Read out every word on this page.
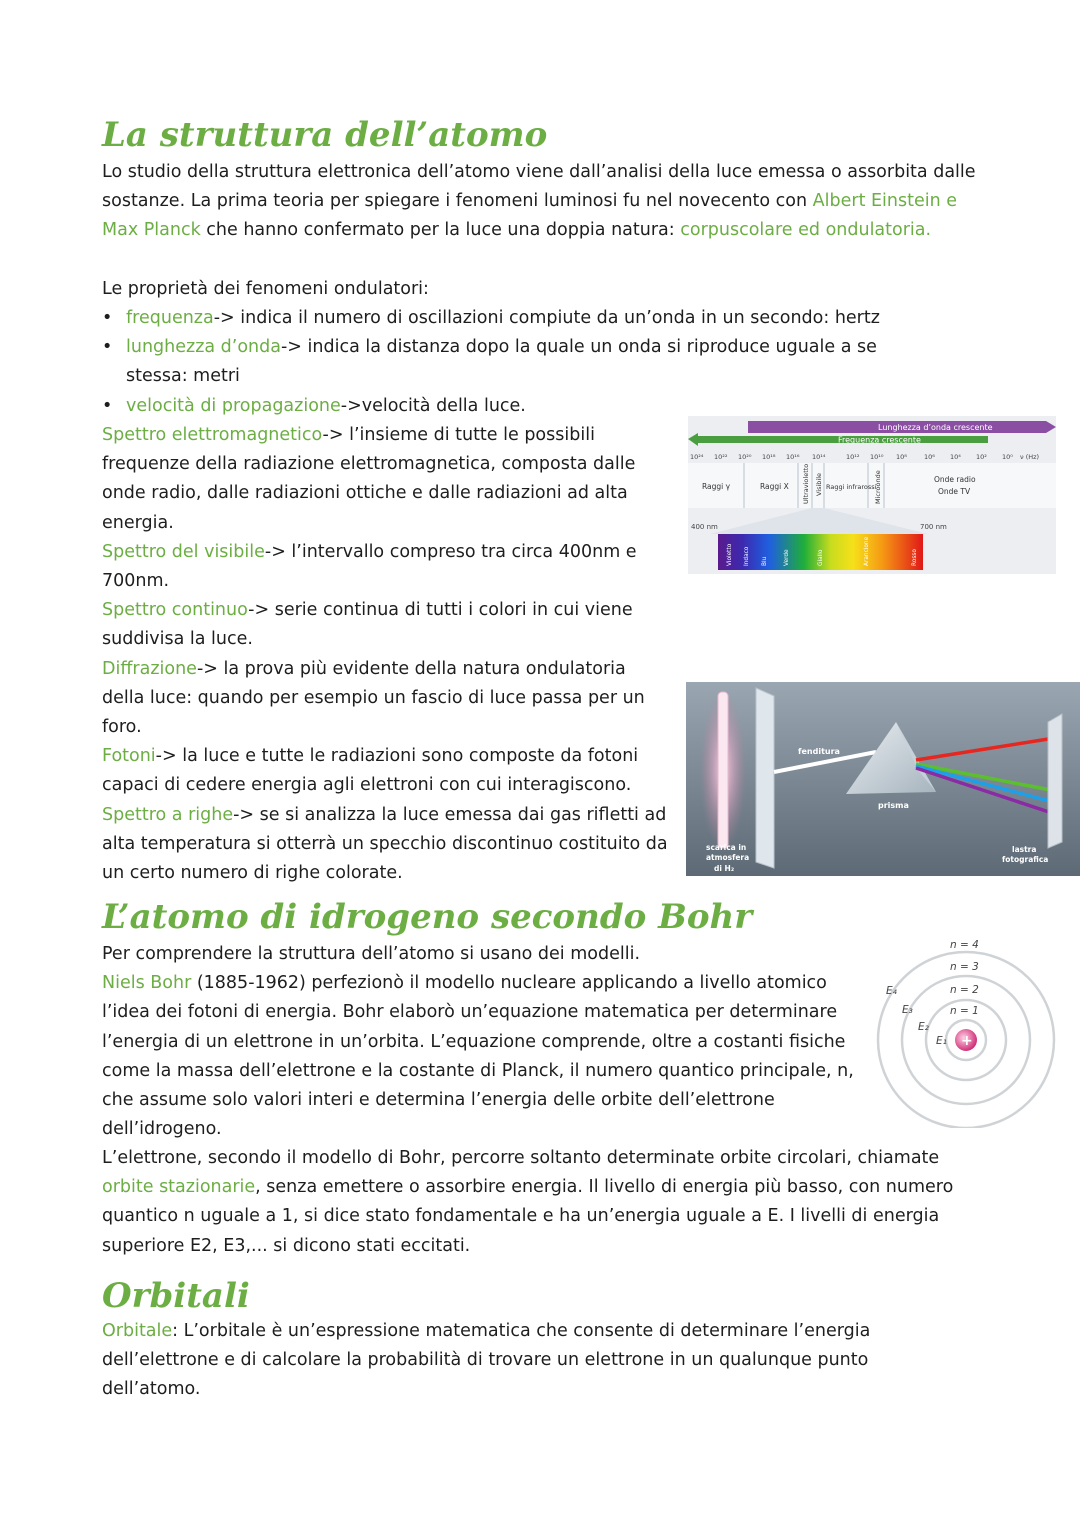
La struttura dell’atomo
Lo studio della struttura elettronica dell’atomo viene dall’analisi della luce emessa o assorbita dalle sostanze. La prima teoria per spiegare i fenomeni luminosi fu nel novecento con Albert Einstein e Max Planck che hanno confermato per la luce una doppia natura: corpuscolare ed ondulatoria.
Le proprietà dei fenomeni ondulatori:
• frequenza-> indica il numero di oscillazioni compiute da un’onda in un secondo: hertz
• lunghezza d’onda-> indica la distanza dopo la quale un onda si riproduce uguale a se stessa: metri
• velocità di propagazione->velocità della luce.
Spettro elettromagnetico-> l’insieme di tutte le possibili frequenze della radiazione elettromagnetica, composta dalle onde radio, dalle radiazioni ottiche e dalle radiazioni ad alta energia.
Spettro del visibile-> l’intervallo compreso tra circa 400nm e 700nm.
Spettro continuo-> serie continua di tutti i colori in cui viene suddivisa la luce.
Diffrazione-> la prova più evidente della natura ondulatoria della luce: quando per esempio un fascio di luce passa per un foro.
Fotoni-> la luce e tutte le radiazioni sono composte da fotoni capaci di cedere energia agli elettroni con cui interagiscono.
Spettro a righe-> se si analizza la luce emessa dai gas rifletti ad alta temperatura si otterrà un specchio discontinuo costituito da un certo numero di righe colorate.
Lunghezza d’onda crescente
Frequenza crescente
10²⁴ 10²² 10²⁰ 10¹⁸ 10¹⁶ 10¹⁴	10¹² 10¹⁰ 10⁸	10⁶ 10⁴ 10² 10⁰ ν (Hz)
Raggi γ	Raggi X Ultravioletto Visibile Raggi infrarossi
Microonde	Onde radio
Onde TV
400 nm	700 nm
Violetto Indaco Blu	Verde	Giallo	Arancione	Rosso
fenditura
prisma
scarica in
atmosfera
di H₂
lastra
fotografica
L’atomo di idrogeno secondo Bohr
Per comprendere la struttura dell’atomo si usano dei modelli.
Niels Bohr (1885-1962) perfezionò il modello nucleare applicando a livello atomico l’idea dei fotoni di energia. Bohr elaborò un’equazione matematica per determinare l’energia di un elettrone in un’orbita. L’equazione comprende, oltre a costanti fisiche come la massa dell’elettrone e la costante di Planck, il numero quantico principale, n, che assume solo valori interi e determina l’energia delle orbite dell’elettrone dell’idrogeno.
L’elettrone, secondo il modello di Bohr, percorre soltanto determinate orbite circolari, chiamate orbite stazionarie, senza emettere o assorbire energia. Il livello di energia più basso, con numero quantico n uguale a 1, si dice stato fondamentale e ha un’energia uguale a E. I livelli di energia superiore E2, E3,... si dicono stati eccitati.
+
n = 4
n = 3
n = 2
n = 1
E₄
E₃
E₂
E₁
Orbitali
Orbitale: L’orbitale è un’espressione matematica che consente di determinare l’energia dell’elettrone e di calcolare la probabilità di trovare un elettrone in un qualunque punto dell’atomo.
